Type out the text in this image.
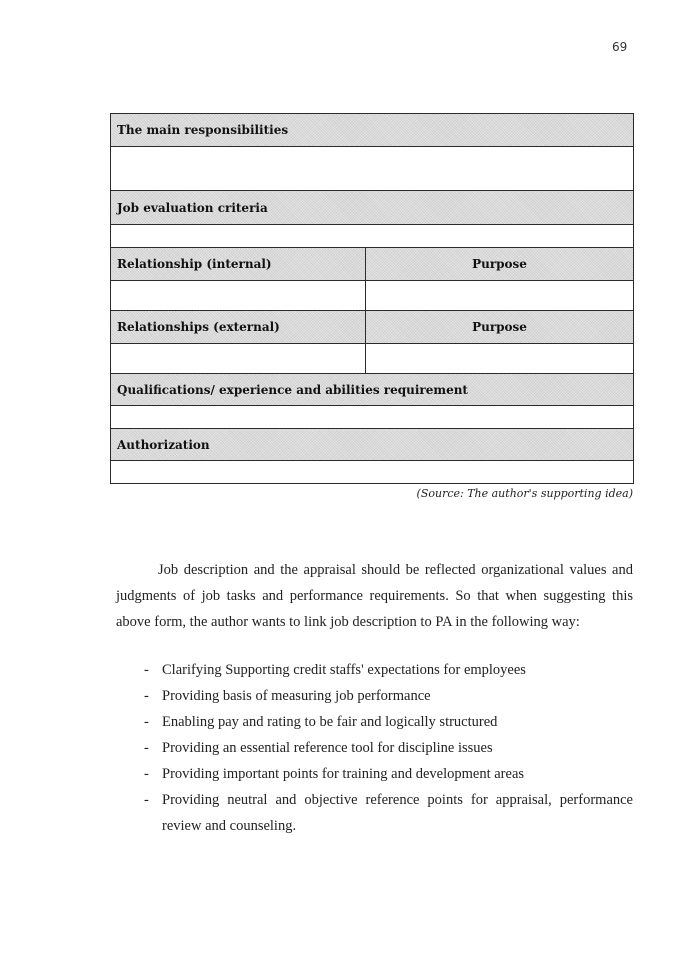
69
The main responsibilities	

Job evaluation criteria	

Relationship (internal)	Purpose

Relationships (external)	Purpose

Qualifications/ experience and abilities requirement	

Authorization	

(Source: The author's supporting idea)

Job description and the appraisal should be reflected organizational values and judgments of job tasks and performance requirements. So that when suggesting this above form, the author wants to link job description to PA in the following way:

- Clarifying Supporting credit staffs' expectations for employees
- Providing basis of measuring job performance
- Enabling pay and rating to be fair and logically structured
- Providing an essential reference tool for discipline issues
- Providing important points for training and development areas
- Providing neutral and objective reference points for appraisal, performance review and counseling.
